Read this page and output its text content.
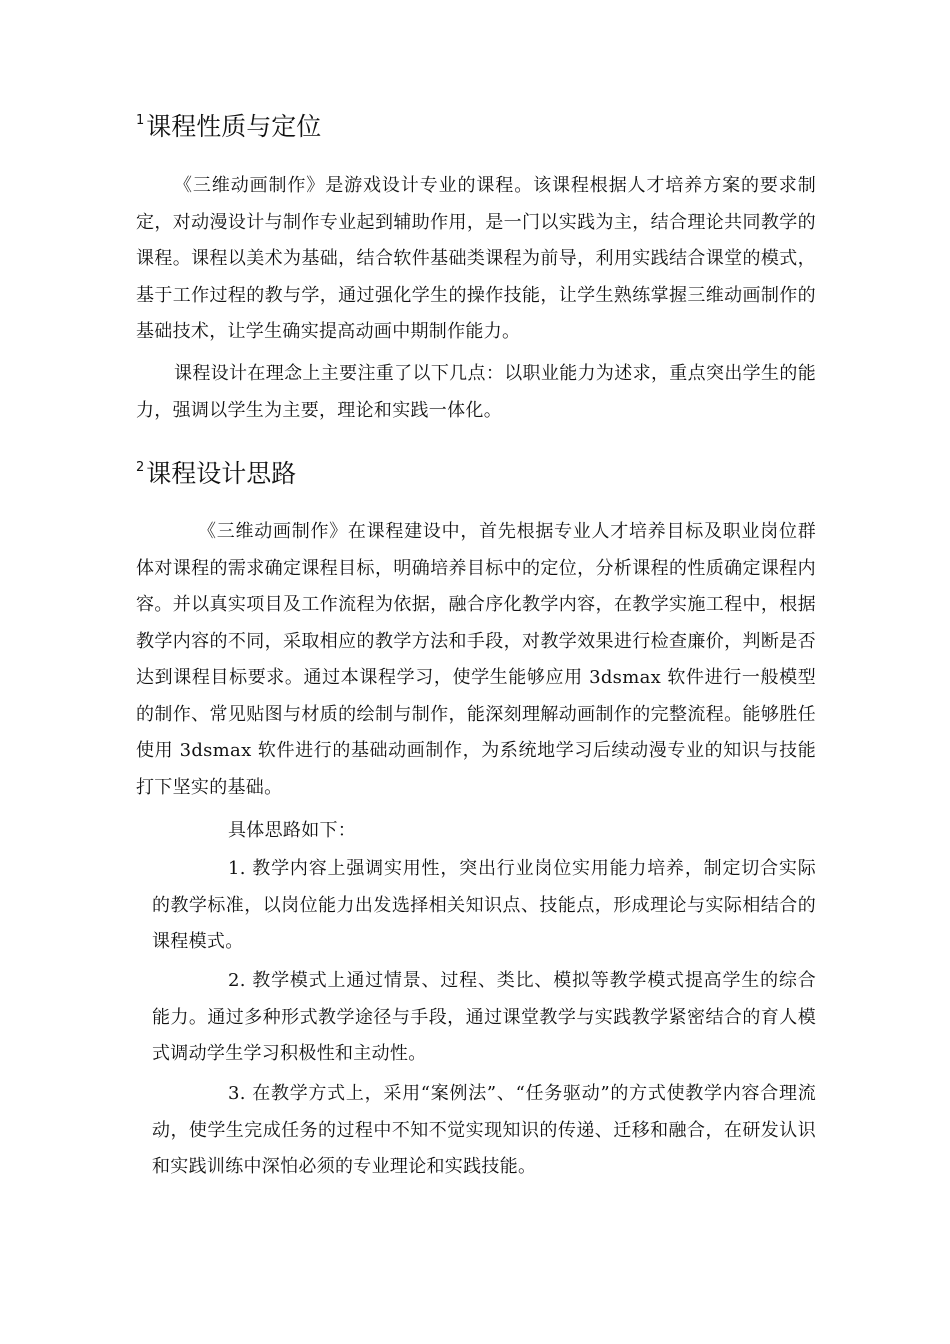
$^1$课程性质与定位

《三维动画制作》是游戏设计专业的课程。该课程根据人才培养方案的要求制定，对动漫设计与制作专业起到辅助作用，是一门以实践为主，结合理论共同教学的课程。课程以美术为基础，结合软件基础类课程为前导，利用实践结合课堂的模式，基于工作过程的教与学，通过强化学生的操作技能，让学生熟练掌握三维动画制作的基础技术，让学生确实提高动画中期制作能力。

课程设计在理念上主要注重了以下几点：以职业能力为述求，重点突出学生的能力，强调以学生为主要，理论和实践一体化。

$^2$课程设计思路

《三维动画制作》在课程建设中，首先根据专业人才培养目标及职业岗位群体对课程的需求确定课程目标，明确培养目标中的定位，分析课程的性质确定课程内容。并以真实项目及工作流程为依据，融合序化教学内容，在教学实施工程中，根据教学内容的不同，采取相应的教学方法和手段，对教学效果进行检查廉价，判断是否达到课程目标要求。通过本课程学习，使学生能够应用 3dsmax 软件进行一般模型的制作、常见贴图与材质的绘制与制作，能深刻理解动画制作的完整流程。能够胜任使用 3dsmax 软件进行的基础动画制作，为系统地学习后续动漫专业的知识与技能打下坚实的基础。

具体思路如下：

1. 教学内容上强调实用性，突出行业岗位实用能力培养，制定切合实际的教学标准，以岗位能力出发选择相关知识点、技能点，形成理论与实际相结合的课程模式。

2. 教学模式上通过情景、过程、类比、模拟等教学模式提高学生的综合能力。通过多种形式教学途径与手段，通过课堂教学与实践教学紧密结合的育人模式调动学生学习积极性和主动性。

3. 在教学方式上，采用“案例法”、“任务驱动”的方式使教学内容合理流动，使学生完成任务的过程中不知不觉实现知识的传递、迁移和融合，在研发认识和实践训练中深怕必须的专业理论和实践技能。
